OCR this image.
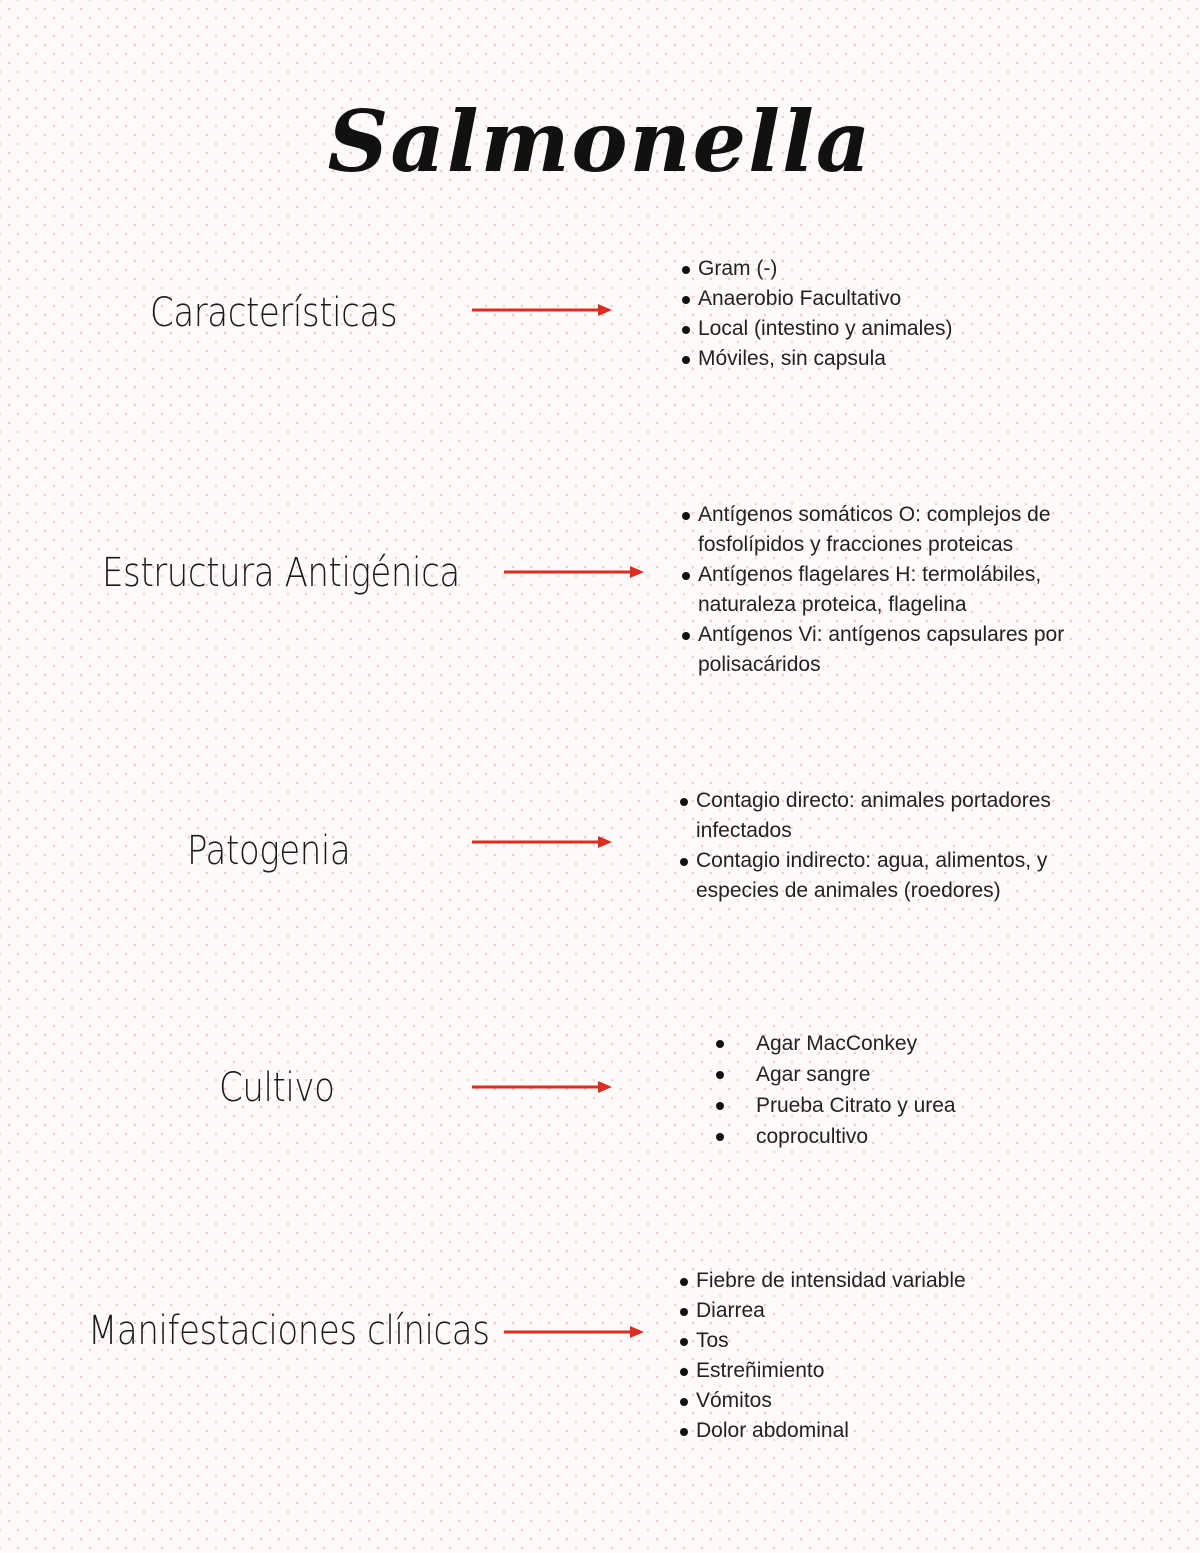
Salmonella
Características
Gram (-)
Anaerobio Facultativo
Local (intestino y animales)
Móviles, sin capsula
Estructura Antigénica
Antígenos somáticos O: complejos de fosfolípidos y fracciones proteicas
Antígenos flagelares H: termolábiles, naturaleza proteica, flagelina
Antígenos Vi: antígenos capsulares por polisacáridos
Patogenia
Contagio directo: animales portadores infectados
Contagio indirecto: agua, alimentos, y especies de animales (roedores)
Cultivo
Agar MacConkey
Agar sangre
Prueba Citrato y urea
coprocultivo
Manifestaciones clínicas
Fiebre de intensidad variable
Diarrea
Tos
Estreñimiento
Vómitos
Dolor abdominal
